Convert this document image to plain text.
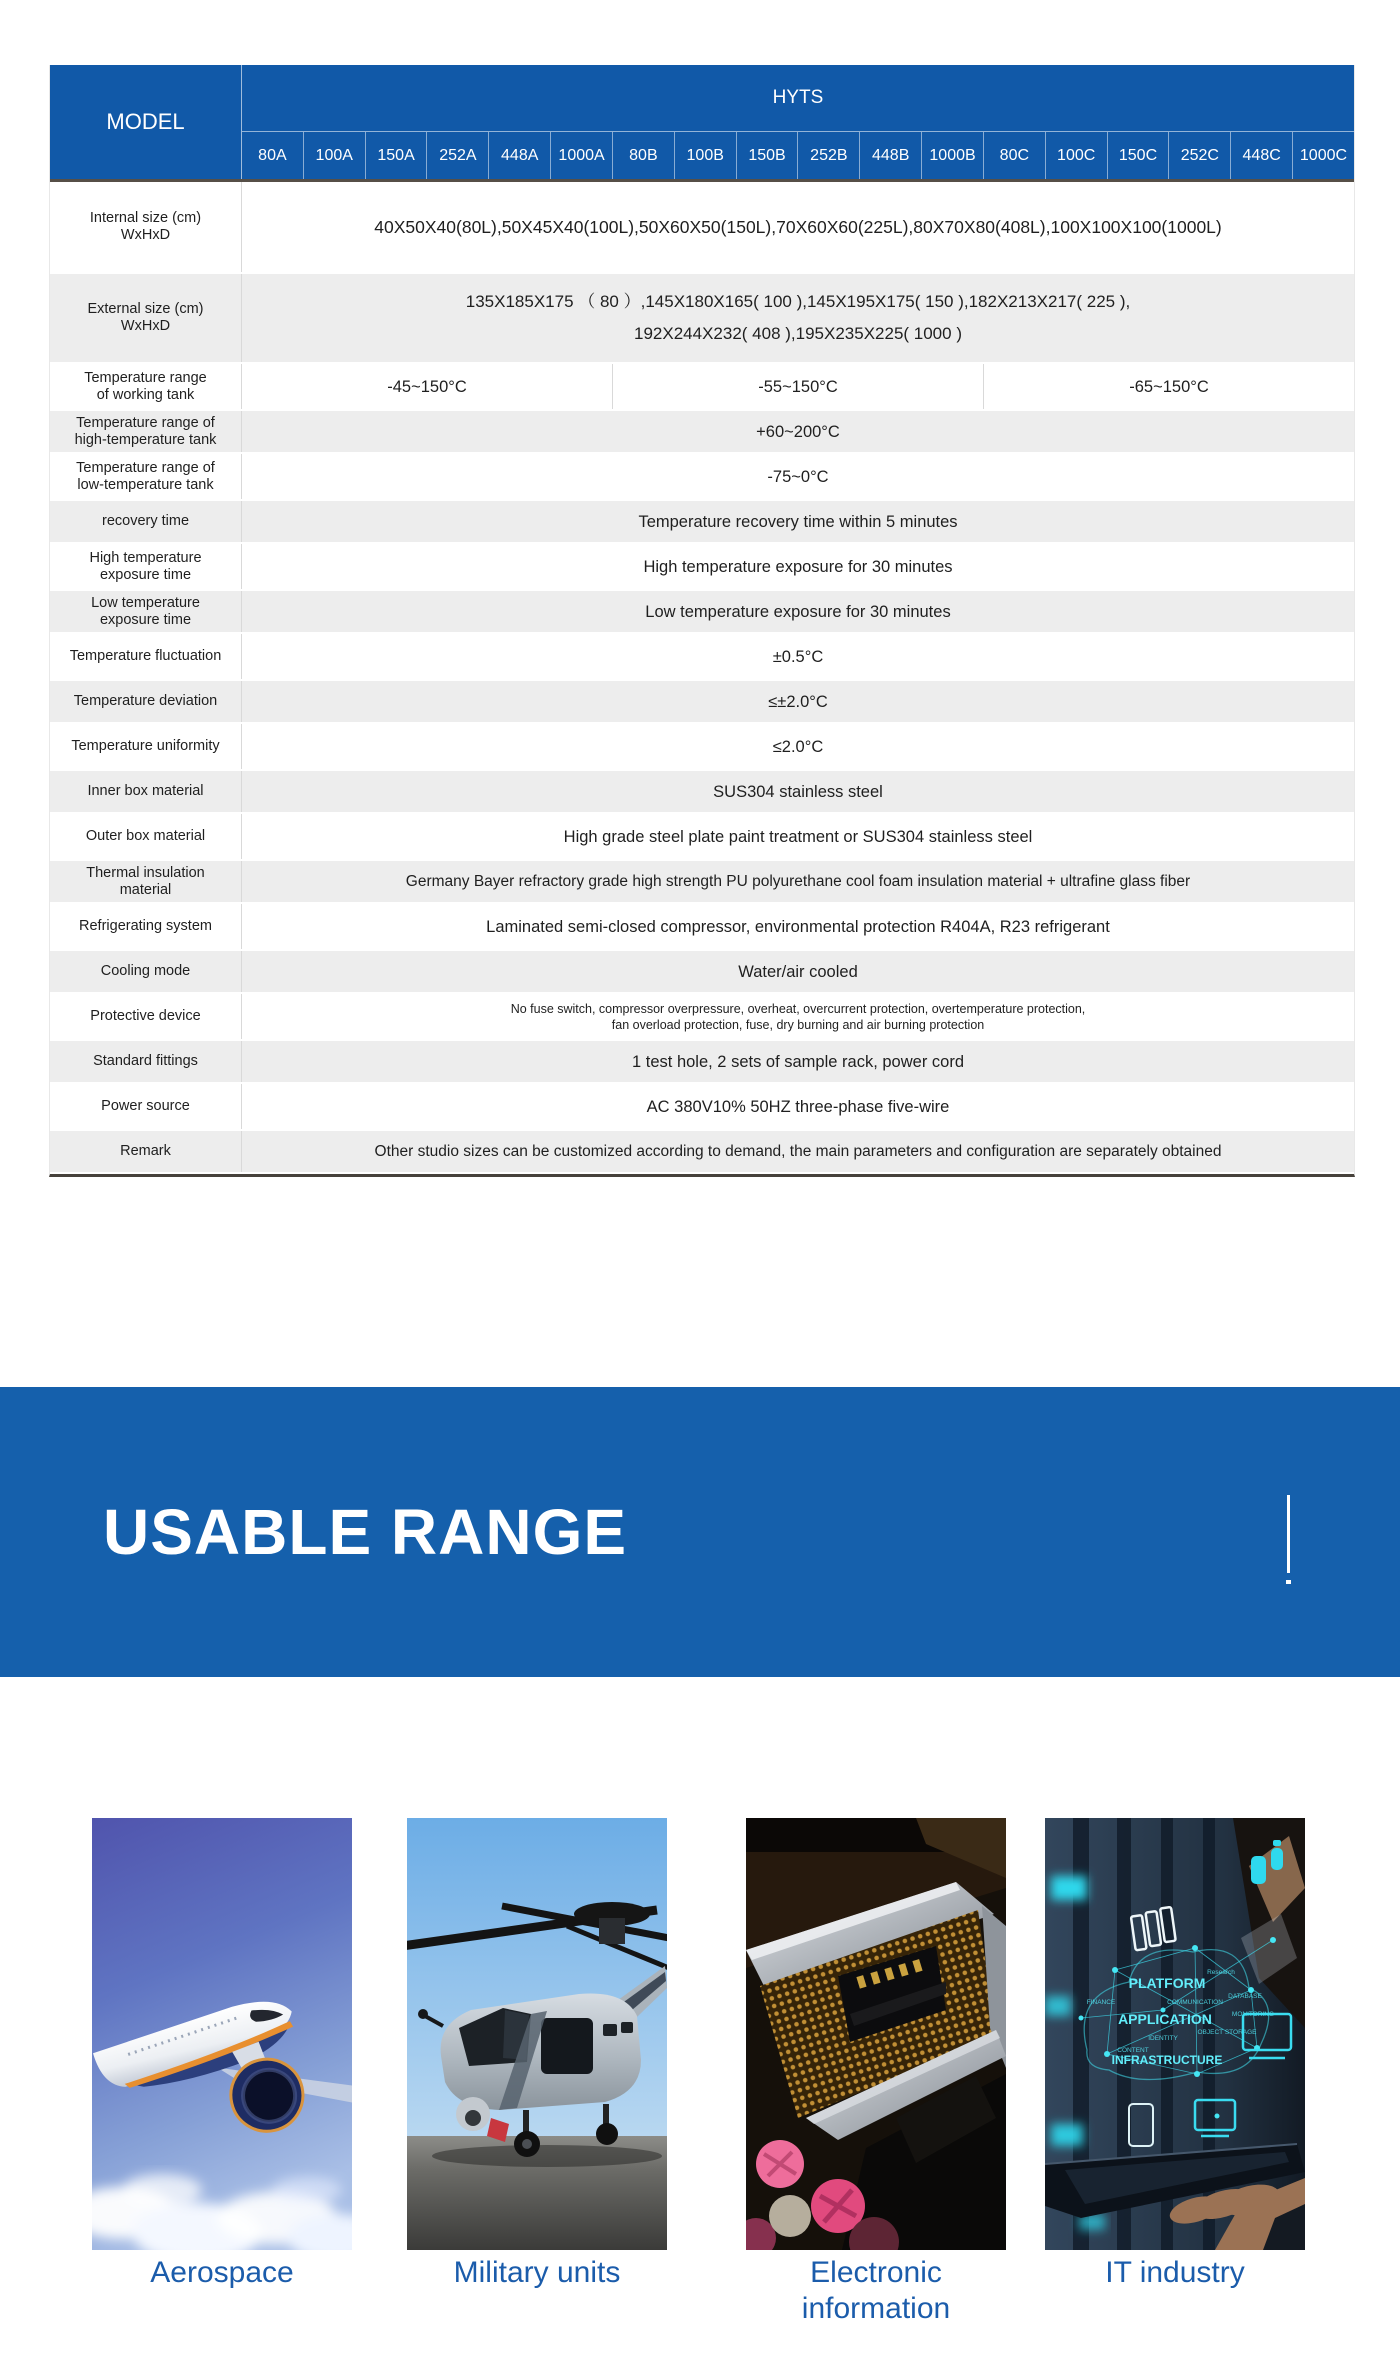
MODEL
HYTS
80A	100A	150A	252A	448A	1000A	80B	100B	150B	252B	448B	1000B	80C	100C	150C	252C	448C	1000C
Internal size (cm)
WxHxD	40X50X40(80L),50X45X40(100L),50X60X50(150L),70X60X60(225L),80X70X80(408L),100X100X100(1000L)
External size (cm)
WxHxD
135X185X175 （ 80 ）,145X180X165( 100 ),145X195X175( 150 ),182X213X217( 225 ),
192X244X232( 408 ),195X235X225( 1000 )
Temperature range
of working tank	-45~150°C	-55~150°C	-65~150°C
Temperature range of
high-temperature tank	+60~200°C
Temperature range of
low-temperature tank	-75~0°C
recovery time	Temperature recovery time within 5 minutes
High temperature
exposure time	High temperature exposure for 30 minutes
Low temperature
exposure time	Low temperature exposure for 30 minutes
Temperature fluctuation	±0.5°C
Temperature deviation	≤±2.0°C
Temperature uniformity	≤2.0°C
Inner box material	SUS304 stainless steel
Outer box material	High grade steel plate paint treatment or SUS304 stainless steel
Thermal insulation
material	Germany Bayer refractory grade high strength PU polyurethane cool foam insulation material + ultrafine glass fiber
Refrigerating system	Laminated semi-closed compressor, environmental protection R404A, R23 refrigerant
Cooling mode	Water/air cooled
Protective device	No fuse switch, compressor overpressure, overheat, overcurrent protection, overtemperature protection,
fan overload protection, fuse, dry burning and air burning protection
Standard fittings	1 test hole, 2 sets of sample rack, power cord
Power source	AC 380V10% 50HZ three-phase five-wire
Remark	Other studio sizes can be customized according to demand, the main parameters and configuration are separately obtained
USABLE RANGE
PLATFORM
APPLICATION
INFRASTRUCTURE
FINANCE	COMMUNICATION
DATABASE
MONITORING
IDENTITY
OBJECT STORAGE
CONTENT
Research
Aerospace	Military units	Electronic information
IT industry
